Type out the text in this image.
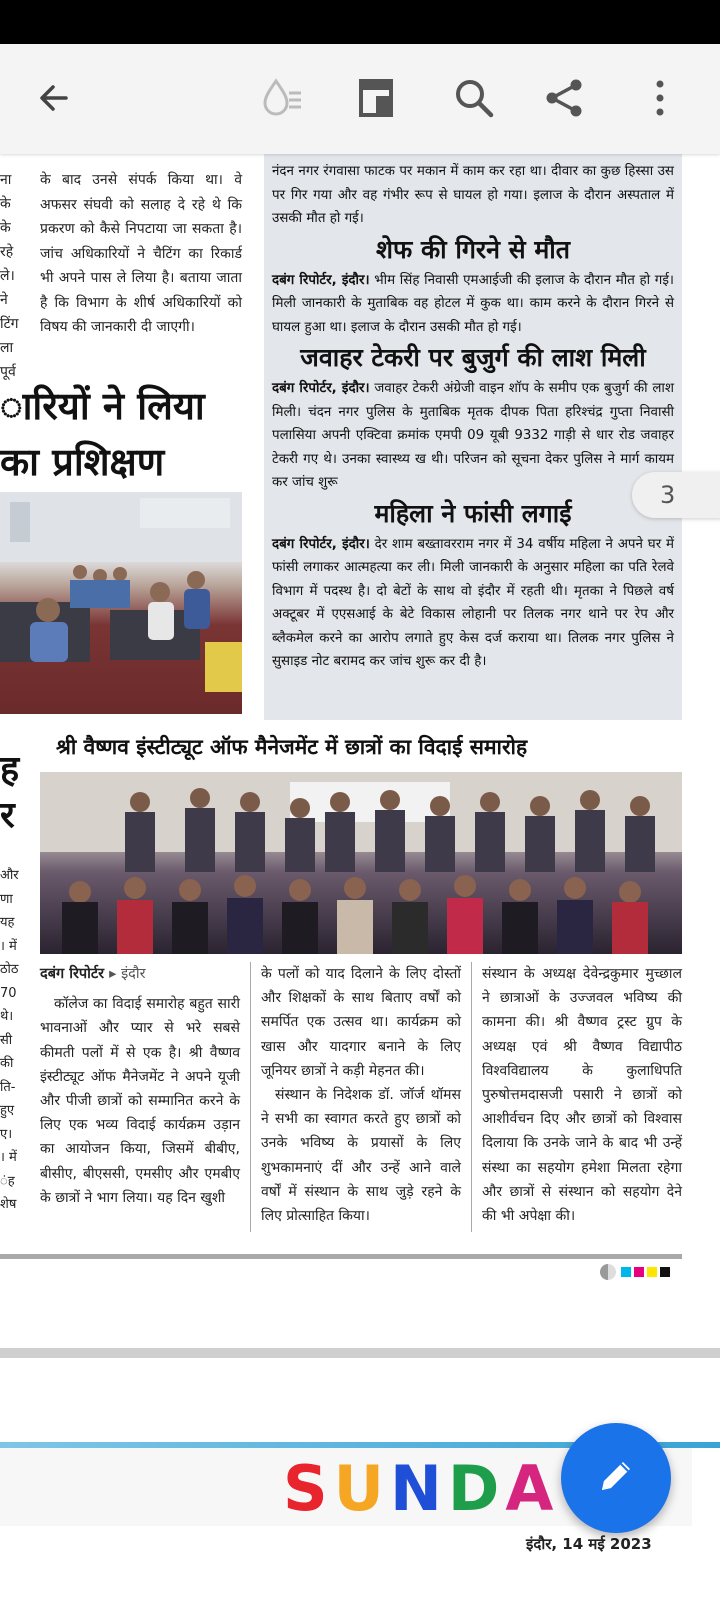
ना
के
के
रहे
ले।
ने
टिंग
ला
पूर्व
के बाद उनसे संपर्क किया था। वे अफसर संघवी को सलाह दे रहे थे कि प्रकरण को कैसे निपटाया जा सकता है। जांच अधिकारियों ने चैटिंग का रिकार्ड भी अपने पास ले लिया है। बताया जाता है कि विभाग के शीर्ष अधिकारियों को विषय की जानकारी दी जाएगी।
ारियों ने लिया
का प्रशिक्षण
नंदन नगर रंगवासा फाटक पर मकान में काम कर रहा था। दीवार का कुछ हिस्सा उस पर गिर गया और वह गंभीर रूप से घायल हो गया। इलाज के दौरान अस्पताल में उसकी मौत हो गई।
शेफ की गिरने से मौत
दबंग रिपोर्टर, इंदौर। भीम सिंह निवासी एमआईजी की इलाज के दौरान मौत हो गई। मिली जानकारी के मुताबिक वह होटल में कुक था। काम करने के दौरान गिरने से घायल हुआ था। इलाज के दौरान उसकी मौत हो गई।
जवाहर टेकरी पर बुजुर्ग की लाश मिली
दबंग रिपोर्टर, इंदौर। जवाहर टेकरी अंग्रेजी वाइन शॉप के समीप एक बुजुर्ग की लाश मिली। चंदन नगर पुलिस के मुताबिक मृतक दीपक पिता हरिश्चंद्र गुप्ता निवासी पलासिया अपनी एक्टिवा क्रमांक एमपी 09 यूबी 9332 गाड़ी से धार रोड जवाहर टेकरी गए थे। उनका स्वास्थ्य ख थी। परिजन को सूचना देकर पुलिस ने मार्ग कायम कर जांच शुरू
महिला ने फांसी लगाई
दबंग रिपोर्टर, इंदौर। देर शाम बख्तावरराम नगर में 34 वर्षीय महिला ने अपने घर में फांसी लगाकर आत्महत्या कर ली। मिली जानकारी के अनुसार महिला का पति रेलवे विभाग में पदस्थ है। दो बेटों के साथ वो इंदौर में रहती थी। मृतका ने पिछले वर्ष अक्टूबर में एएसआई के बेटे विकास लोहानी पर तिलक नगर थाने पर रेप और ब्लैकमेल करने का आरोप लगाते हुए केस दर्ज कराया था। तिलक नगर पुलिस ने सुसाइड नोट बरामद कर जांच शुरू कर दी है।
3
श्री वैष्णव इंस्टीट्यूट ऑफ मैनेजमेंट में छात्रों का विदाई समारोह
ह
र
और
णा
यह
। में
ठोठ
70
थे।
सी
की
ति-
हुए
ए।
। में
ंह
शेष
दबंग रिपोर्टर ▸ इंदौर
कॉलेज का विदाई समारोह बहुत सारी भावनाओं और प्यार से भरे सबसे कीमती पलों में से एक है। श्री वैष्णव इंस्टीट्यूट ऑफ मैनेजमेंट ने अपने यूजी और पीजी छात्रों को सम्मानित करने के लिए एक भव्य विदाई कार्यक्रम उड़ान का आयोजन किया, जिसमें बीबीए, बीसीए, बीएससी, एमसीए और एमबीए के छात्रों ने भाग लिया। यह दिन खुशी
के पलों को याद दिलाने के लिए दोस्तों और शिक्षकों के साथ बिताए वर्षों को समर्पित एक उत्सव था। कार्यक्रम को खास और यादगार बनाने के लिए जूनियर छात्रों ने कड़ी मेहनत की।
संस्थान के निदेशक डॉ. जॉर्ज थॉमस ने सभी का स्वागत करते हुए छात्रों को उनके भविष्य के प्रयासों के लिए शुभकामनाएं दीं और उन्हें आने वाले वर्षों में संस्थान के साथ जुड़े रहने के लिए प्रोत्साहित किया।
संस्थान के अध्यक्ष देवेन्द्रकुमार मुच्छाल ने छात्राओं के उज्जवल भविष्य की कामना की। श्री वैष्णव ट्रस्ट ग्रुप के अध्यक्ष एवं श्री वैष्णव विद्यापीठ विश्वविद्यालय के कुलाधिपति पुरुषोत्तमदासजी पसारी ने छात्रों को आशीर्वचन दिए और छात्रों को विश्वास दिलाया कि उनके जाने के बाद भी उन्हें संस्था का सहयोग हमेशा मिलता रहेगा और छात्रों से संस्थान को सहयोग देने की भी अपेक्षा की।
SUNDA
इंदौर, 14 मई 2023
